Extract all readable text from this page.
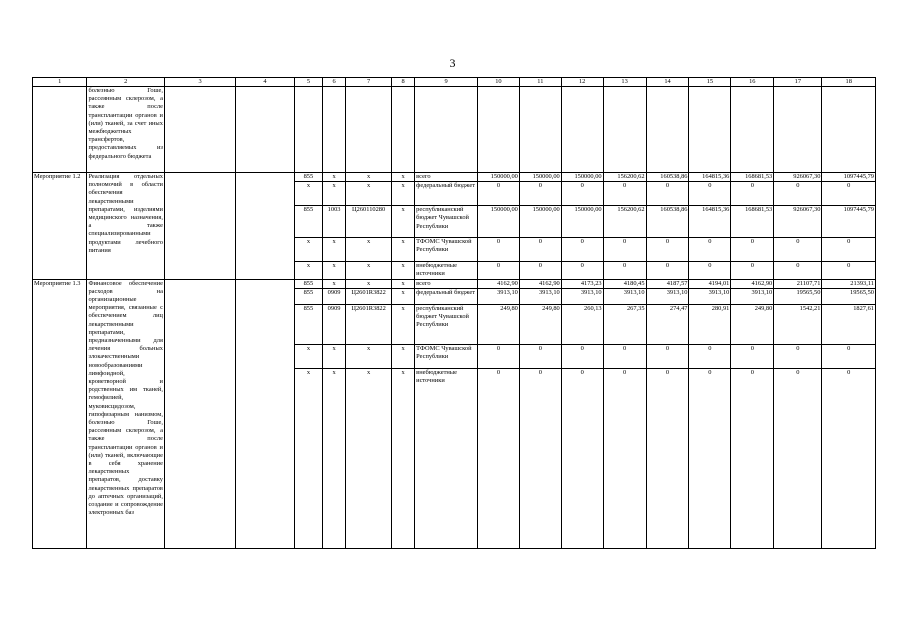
3
1	2	3	4	5	6	7	8	9	10	11	12	13	14	15	16	17	18
	болезнью Гоше, рассеянным склерозом, а также после трансплантации органов и (или) тканей, за счет иных межбюджетных трансфертов, предоставляемых из федерального бюджета																
Мероприятие 1.2	Реализация отдельных полномочий в области обеспечения лекарственными препаратами, изделиями медицинского назначения, а также специализированными продуктами лечебного питания			855	х	х	х	всего	150000,00	150000,00	150000,00	156200,62	160538,86	164815,36	168681,53	926067,30	1097445,79
				х	х	х	х	федеральный бюджет	0	0	0	0	0	0	0	0	0
				855	1003	Ц260110280	х	республиканский бюджет Чувашской Республики	150000,00	150000,00	150000,00	156200,62	160538,86	164815,36	168681,53	926067,30	1097445,79
				х	х	х	х	ТФОМС Чувашской Республики	0	0	0	0	0	0	0	0	0
				х	х	х	х	внебюджетные источники	0	0	0	0	0	0	0	0	0
Мероприятие 1.3	Финансовое обеспечение расходов на организационные мероприятия, связанные с обеспечением лиц лекарственными препаратами, предназначенными для лечения больных злокачественными новообразованиями лимфоидной, кроветворной и родственных им тканей, гемофилией, муковисцидозом, гипофизарным нанизмом, болезнью Гоше, рассеянным склерозом, а также после трансплантации органов и (или) тканей, включающие в себя хранение лекарственных препаратов, доставку лекарственных препаратов до аптечных организаций, создание и сопровождение электронных баз			855	х	х	х	всего	4162,90	4162,90	4173,23	4180,45	4187,57	4194,01	4162,90	21107,71	21393,11
				855	0909	Ц2601R3822	х	федеральный бюджет	3913,10	3913,10	3913,10	3913,10	3913,10	3913,10	3913,10	19565,50	19565,50
				855	0909	Ц2601R3822	х	республиканский бюджет Чувашской Республики	249,80	249,80	260,13	267,35	274,47	280,91	249,80	1542,21	1827,61
				х	х	х	х	ТФОМС Чувашской Республики	0	0	0	0	0	0	0	0	0
				х	х	х	х	внебюджетные источники	0	0	0	0	0	0	0	0	0
